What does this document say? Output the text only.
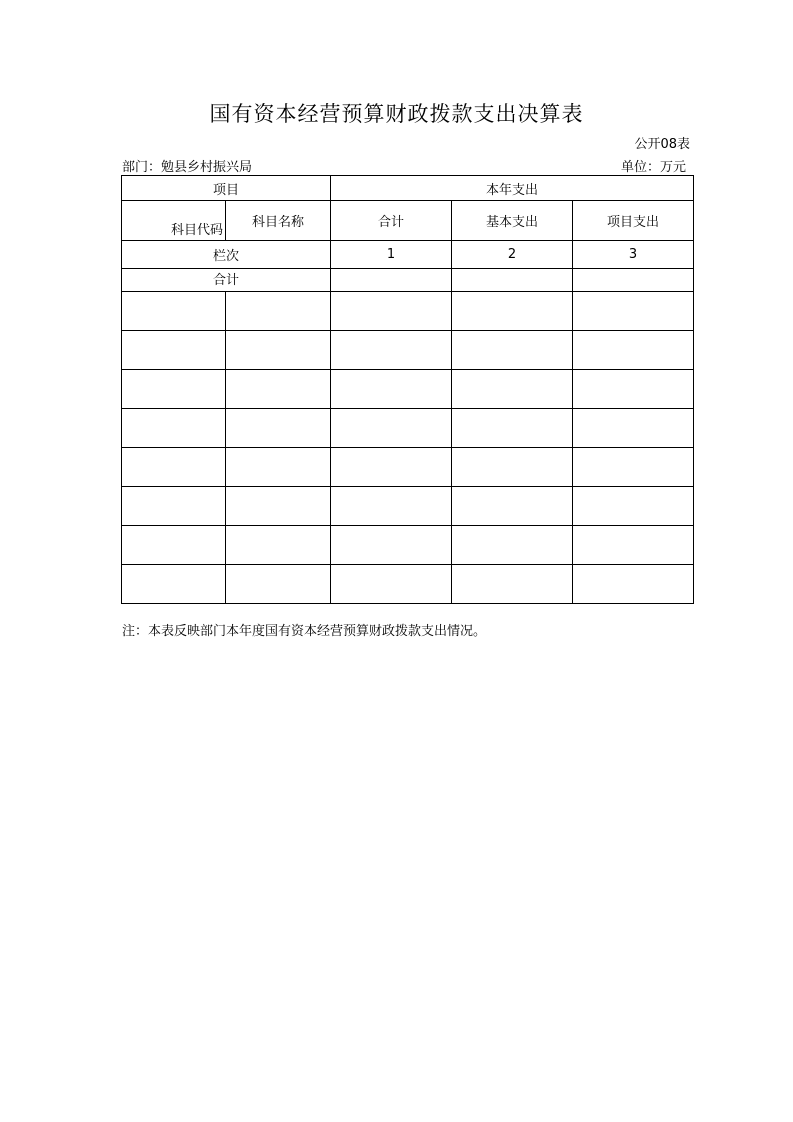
国有资本经营预算财政拨款支出决算表
公开08表
部门：勉县乡村振兴局	单位：万元
项目		本年支出		
科目代码	科目名称	合计	基本支出	项目支出
栏次		1	2	3
合计				

注：本表反映部门本年度国有资本经营预算财政拨款支出情况。
